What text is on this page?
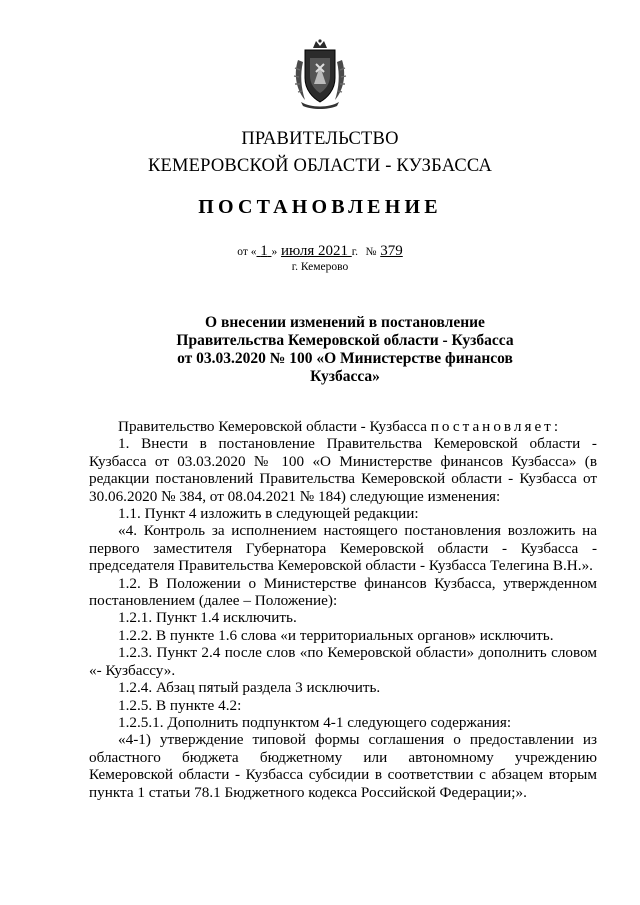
ПРАВИТЕЛЬСТВО
КЕМЕРОВСКОЙ ОБЛАСТИ - КУЗБАССА
ПОСТАНОВЛЕНИЕ
от « 1 » июля 2021 г. № 379
г. Кемерово
О внесении изменений в постановление
Правительства Кемеровской области - Кузбасса
от 03.03.2020 № 100 «О Министерстве финансов
Кузбасса»

Правительство Кемеровской области - Кузбасса постановляет:

1. Внести в постановление Правительства Кемеровской области - Кузбасса от 03.03.2020 № 100 «О Министерстве финансов Кузбасса» (в редакции постановлений Правительства Кемеровской области - Кузбасса от 30.06.2020 № 384, от 08.04.2021 № 184) следующие изменения:

1.1. Пункт 4 изложить в следующей редакции:

«4. Контроль за исполнением настоящего постановления возложить на первого заместителя Губернатора Кемеровской области - Кузбасса - председателя Правительства Кемеровской области - Кузбасса Телегина В.Н.».

1.2. В Положении о Министерстве финансов Кузбасса, утвержденном постановлением (далее – Положение):

1.2.1. Пункт 1.4 исключить.

1.2.2. В пункте 1.6 слова «и территориальных органов» исключить.

1.2.3. Пункт 2.4 после слов «по Кемеровской области» дополнить словом «- Кузбассу».

1.2.4. Абзац пятый раздела 3 исключить.

1.2.5. В пункте 4.2:

1.2.5.1. Дополнить подпунктом 4-1 следующего содержания:

«4-1) утверждение типовой формы соглашения о предоставлении из областного бюджета бюджетному или автономному учреждению Кемеровской области - Кузбасса субсидии в соответствии с абзацем вторым пункта 1 статьи 78.1 Бюджетного кодекса Российской Федерации;».
